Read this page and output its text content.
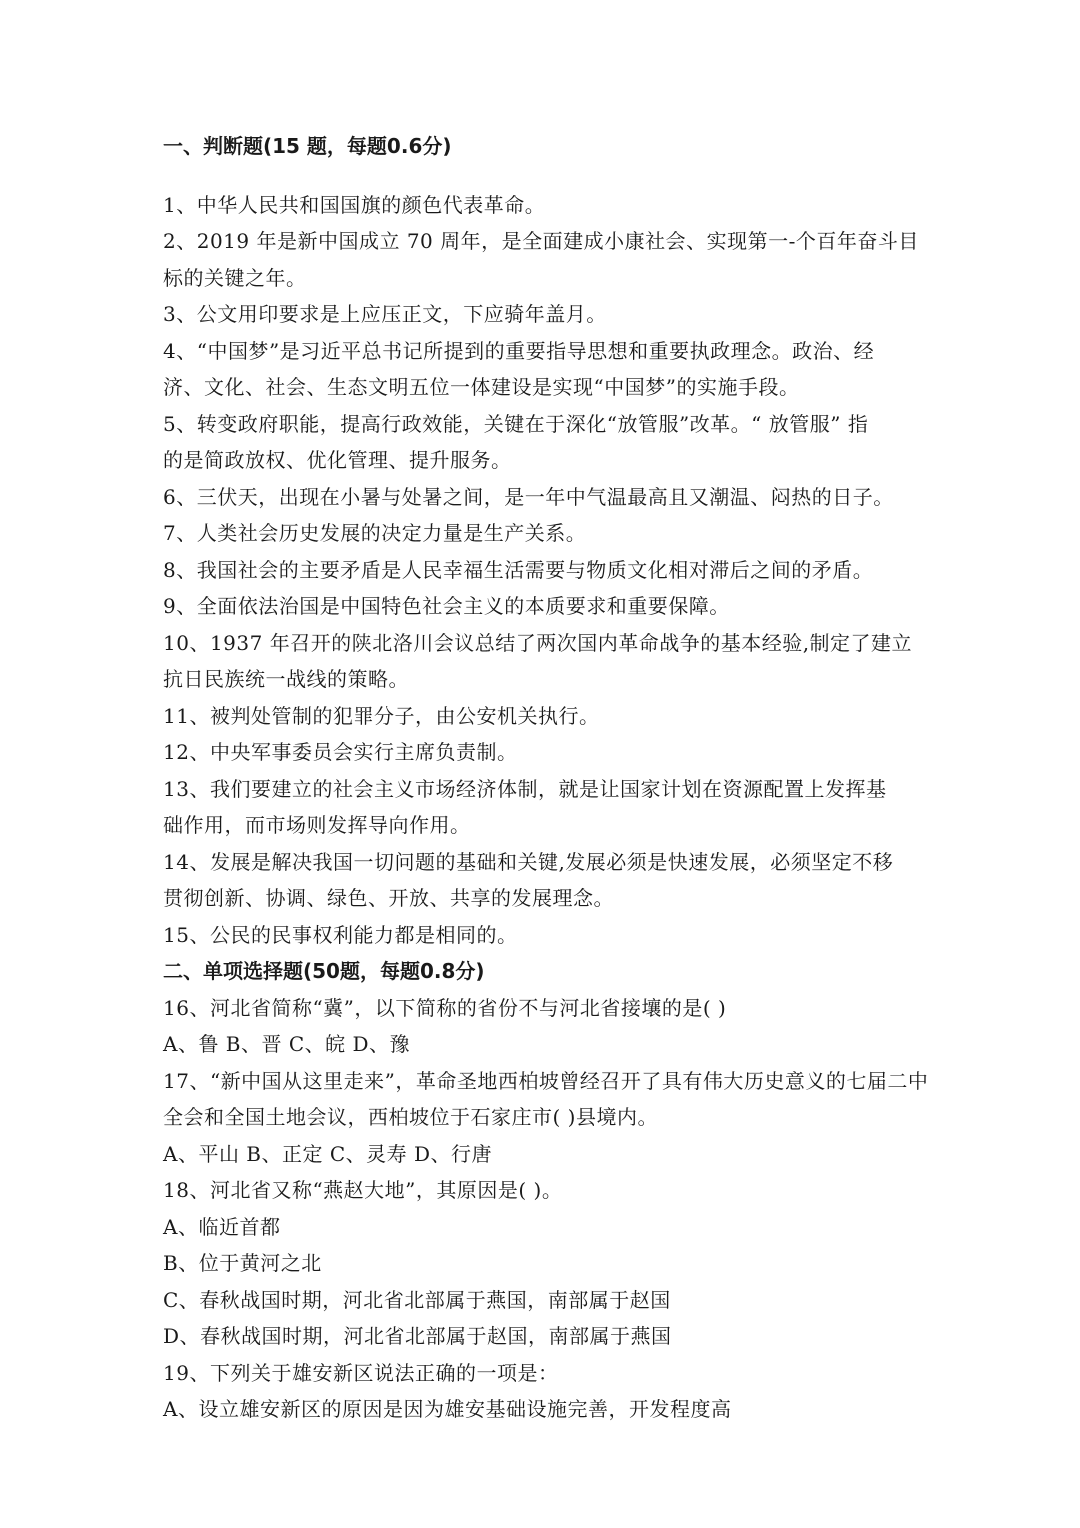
一、判断题(15 题，每题0.6分)
1、中华人民共和国国旗的颜色代表革命。
2、2019 年是新中国成立 70 周年，是全面建成小康社会、实现第一-个百年奋斗目
标的关键之年。
3、公文用印要求是上应压正文，下应骑年盖月。
4、“中国梦”是习近平总书记所提到的重要指导思想和重要执政理念。政治、经
济、文化、社会、生态文明五位一体建设是实现“中国梦”的实施手段。
5、转变政府职能，提高行政效能，关键在于深化“放管服”改革。“ 放管服” 指
的是简政放权、优化管理、提升服务。
6、三伏天，出现在小暑与处暑之间，是一年中气温最高且又潮温、闷热的日子。
7、人类社会历史发展的决定力量是生产关系。
8、我国社会的主要矛盾是人民幸福生活需要与物质文化相对滞后之间的矛盾。
9、全面依法治国是中国特色社会主义的本质要求和重要保障。
10、1937 年召开的陕北洛川会议总结了两次国内革命战争的基本经验,制定了建立
抗日民族统一战线的策略。
11、被判处管制的犯罪分子，由公安机关执行。
12、中央军事委员会实行主席负责制。
13、我们要建立的社会主义市场经济体制，就是让国家计划在资源配置上发挥基
础作用，而市场则发挥导向作用。
14、发展是解决我国一切问题的基础和关键,发展必须是快速发展，必须坚定不移
贯彻创新、协调、绿色、开放、共享的发展理念。
15、公民的民事权利能力都是相同的。
二、单项选择题(50题，每题0.8分)
16、河北省简称“冀”，以下简称的省份不与河北省接壤的是( )
A、鲁 B、晋 C、皖 D、豫
17、“新中国从这里走来”，革命圣地西柏坡曾经召开了具有伟大历史意义的七届二中
全会和全国土地会议，西柏坡位于石家庄市( )县境内。
A、平山 B、正定 C、灵寿 D、行唐
18、河北省又称“燕赵大地”，其原因是( )。
A、临近首都
B、位于黄河之北
C、春秋战国时期，河北省北部属于燕国，南部属于赵国
D、春秋战国时期，河北省北部属于赵国，南部属于燕国
19、下列关于雄安新区说法正确的一项是：
A、设立雄安新区的原因是因为雄安基础设施完善，开发程度高
